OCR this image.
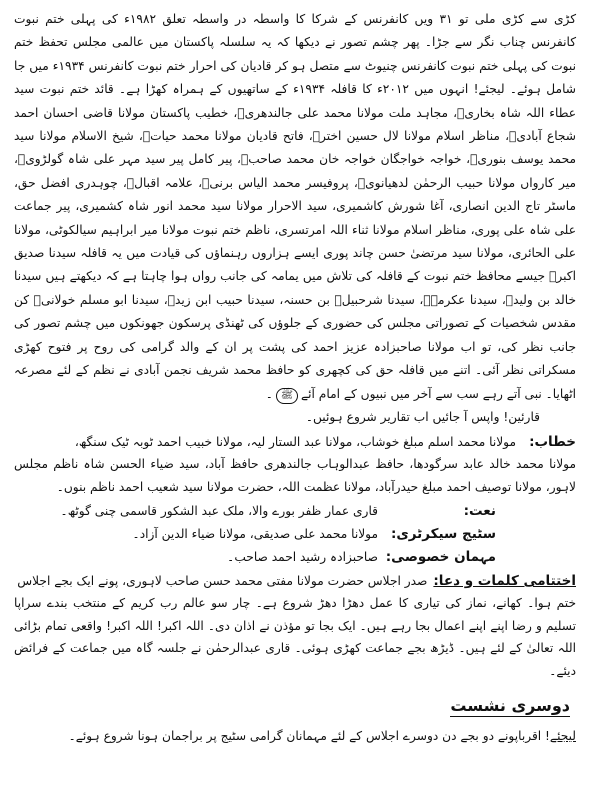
کڑی سے کڑی ملی تو ۳۱ ویں کانفرنس کے شرکا کا واسطہ در واسطہ تعلق ۱۹۸۲ء کی پہلی ختم نبوت کانفرنس چناب نگر سے جڑا۔ پھر چشم تصور نے دیکھا کہ یہ سلسلہ پاکستان میں عالمی مجلس تحفظ ختم نبوت کی پہلی ختم نبوت کانفرنس چنیوٹ سے متصل ہو کر قادیان کی احرار ختم نبوت کانفرنس ۱۹۳۴ء میں جا شامل ہوئے۔ لیجئے! انہوں میں ۲۰۱۲ء کا قافلہ ۱۹۳۴ء کے ساتھیوں کے ہمراہ کھڑا ہے۔ قائد ختم نبوت سید عطاء اللہ شاہ بخاریؒ، مجاہد ملت مولانا محمد علی جالندھریؒ، خطیب پاکستان مولانا قاضی احسان احمد شجاع آبادیؒ، مناظر اسلام مولانا لال حسین اخترؒ، فاتح قادیان مولانا محمد حیاتؒ، شیخ الاسلام مولانا سید محمد یوسف بنوریؒ، خواجہ خواجگان خواجہ خان محمد صاحبؒ، پیر کامل پیر سید مہر علی شاہ گولڑویؒ، میر کارواں مولانا حبیب الرحمٰن لدھیانویؒ، پروفیسر محمد الیاس برنیؒ، علامہ اقبالؒ، چوہدری افضل حق، ماسٹر تاج الدین انصاری، آغا شورش کاشمیری، سید الاحرار مولانا سید محمد انور شاہ کشمیری، پیر جماعت علی شاہ علی پوری، مناظر اسلام مولانا ثناء اللہ امرتسری، ناظم ختم نبوت مولانا میر ابراہیم سیالکوٹی، مولانا علی الحائری، مولانا سید مرتضیٰ حسن چاند پوری ایسے ہزاروں رہنماؤں کی قیادت میں یہ قافلہ سیدنا صدیق اکبرؓ جیسے محافظ ختم نبوت کے قافلہ کی تلاش میں یمامہ کی جانب رواں ہوا چاہتا ہے کہ دیکھتے ہیں سیدنا خالد بن ولیدؓ، سیدنا عکرمہؓ، سیدنا شرحبیلؓ بن حسنہ، سیدنا حبیب ابن زیدؓ، سیدنا ابو مسلم خولانیؒ کن مقدس شخصیات کے تصوراتی مجلس کی حضوری کے جلوؤں کی ٹھنڈی پرسکون جھونکوں میں چشم تصور کی جانب نظر کی، تو اب مولانا صاحبزادہ عزیز احمد کی پشت پر ان کے والد گرامی کی روح پر فتوح کھڑی مسکراتی نظر آئی۔ اتنے میں قافلہ حق کی کچھری کو حافظ محمد شریف نجمن آبادی نے نظم کے لئے مصرعہ اٹھایا۔ نبی آتے رہے سب سے آخر میں نبیوں کے امام آئےﷺ۔

قارئین! واپس آ جائیں اب تقاریر شروع ہوئیں۔

خطاب:
مولانا محمد اسلم مبلغ خوشاب، مولانا عبد الستار لیہ، مولانا خبیب احمد ٹوبہ ٹیک سنگھ،

مولانا محمد خالد عابد سرگودھا، حافظ عبدالوہاب جالندھری حافظ آباد، سید ضیاء الحسن شاہ ناظم مجلس لاہور، مولانا توصیف احمد مبلغ حیدرآباد، مولانا عظمت اللہ، حضرت مولانا سید شعیب احمد ناظم بنوں۔

نعت:
قاری عمار ظفر بورے والا، ملک عبد الشکور قاسمی چنی گوٹھ۔
سٹیج سیکرٹری:
مولانا محمد علی صدیقی، مولانا ضیاء الدین آزاد۔
مہمان خصوصی:
صاحبزادہ رشید احمد صاحب۔
اختتامی کلمات و دعا:
صدر اجلاس حضرت مولانا مفتی محمد حسن صاحب لاہوری، پونے ایک بجے اجلاس

ختم ہوا۔ کھانے، نماز کی تیاری کا عمل دھڑا دھڑ شروع ہے۔ چار سو عالم رب کریم کے منتخب بندے سراپا تسلیم و رضا اپنے اپنے اعمال بجا رہے ہیں۔ ایک بجا تو مؤذن نے اذان دی۔ اللہ اکبر! اللہ اکبر! واقعی تمام بڑائی اللہ تعالیٰ کے لئے ہیں۔ ڈیڑھ بجے جماعت کھڑی ہوئی۔ قاری عبدالرحمٰن نے جلسہ گاہ میں جماعت کے فرائض دیئے۔

دوسری نشست

لیجئے! اقرباپونے دو بجے دن دوسرے اجلاس کے لئے مہمانان گرامی سٹیج پر براجمان ہونا شروع ہوئے۔
